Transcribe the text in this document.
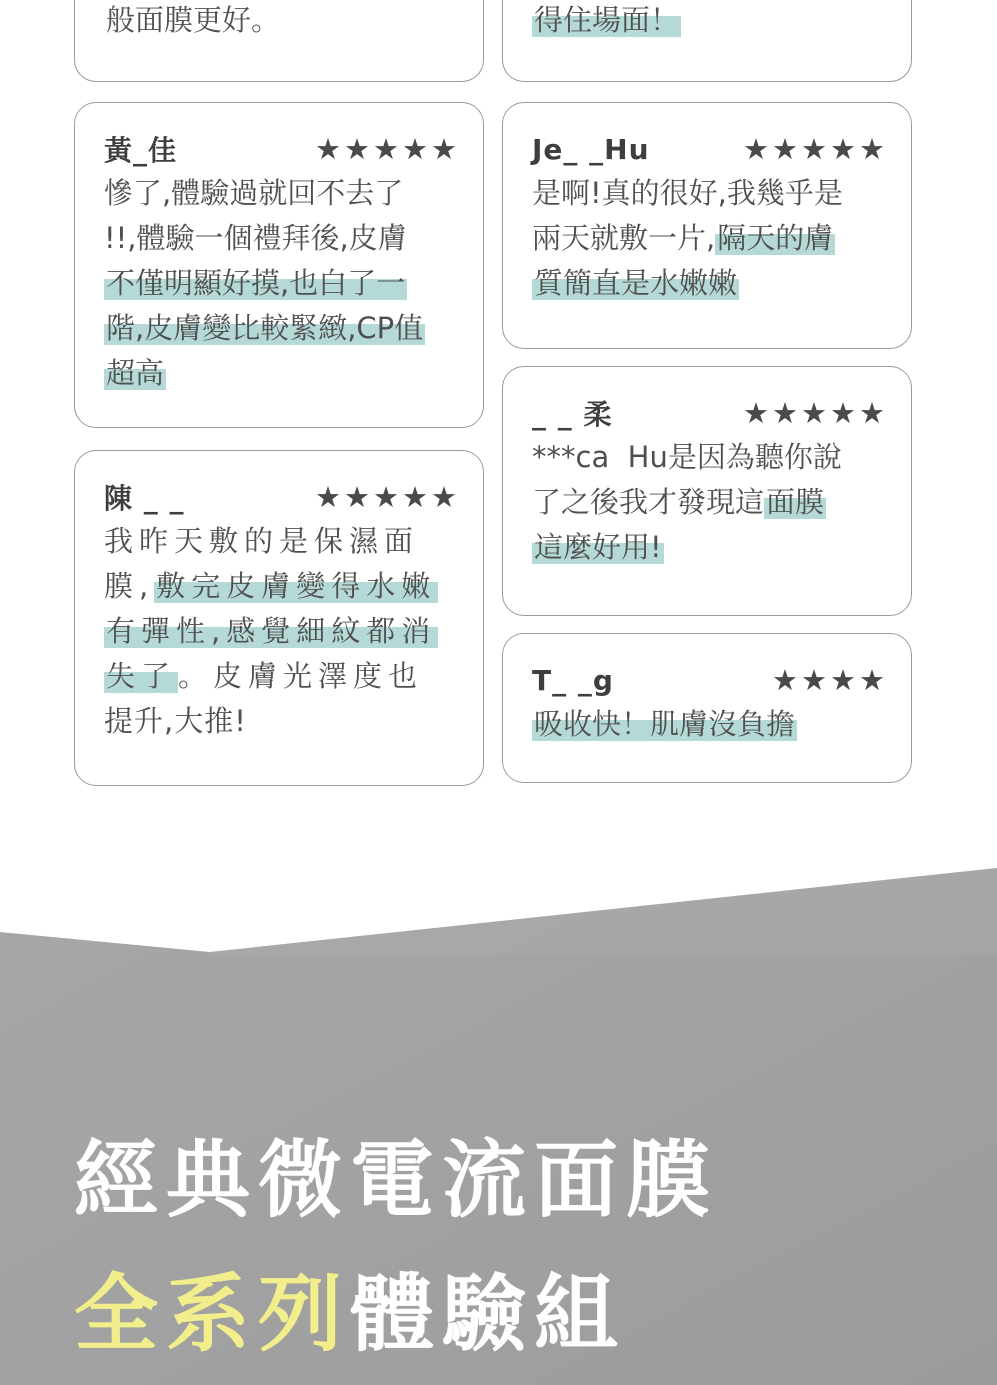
般面膜更好。	得住場面！
黃_佳	★ ★ ★ ★ ★
慘了,體驗過就回不去了
!!,體驗一個禮拜後,皮膚
不僅明顯好摸,也白了一
階,皮膚變比較緊緻,CP值
超高
Je_ _Hu	★ ★ ★ ★ ★
是啊!真的很好,我幾乎是
兩天就敷一片,隔天的膚
質簡直是水嫩嫩
陳 _ _	★ ★ ★ ★ ★
我昨天敷的是保濕面
膜,敷完皮膚變得水嫩
有彈性,感覺細紋都消
失了。皮膚光澤度也
提升,大推!
_ _ 柔	★ ★ ★ ★ ★
***ca  Hu是因為聽你說
了之後我才發現這面膜
這麼好用!
T_ _g	★ ★ ★ ★
吸收快！肌膚沒負擔
經典微電流面膜
全系列體驗組
